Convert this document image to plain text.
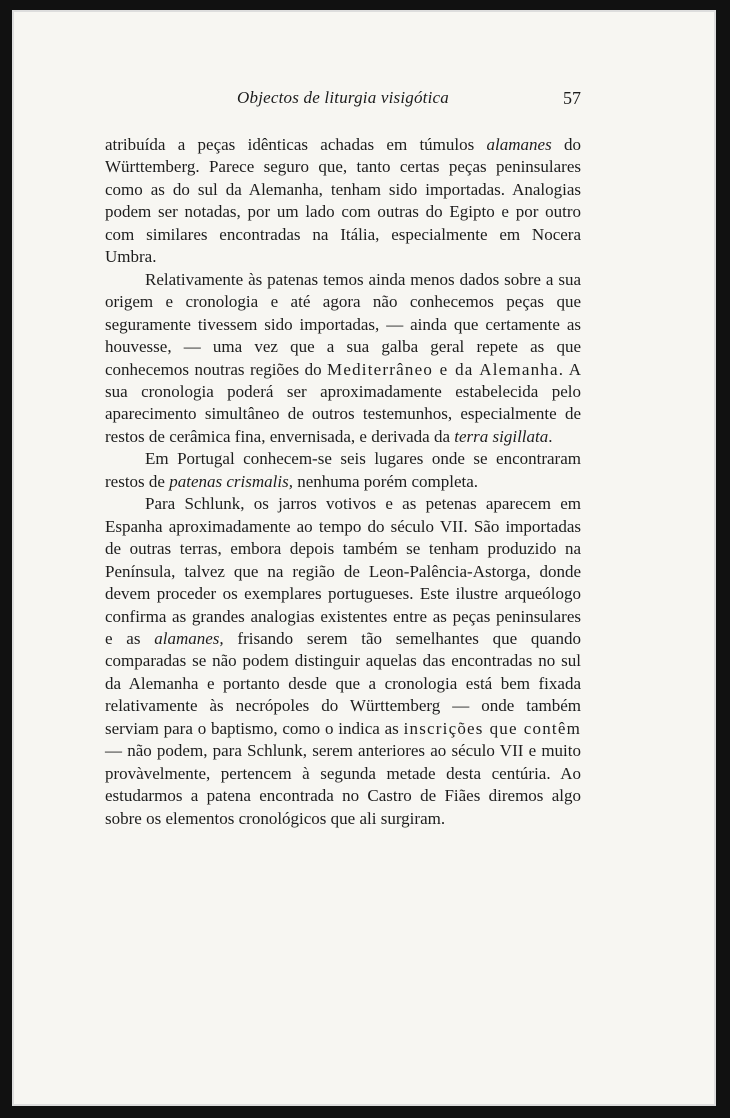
Objectos de liturgia visigótica	57

atribuída a peças idênticas achadas em túmulos alamanes do Württemberg. Parece seguro que, tanto certas peças peninsulares como as do sul da Alemanha, tenham sido importadas. Analogias podem ser notadas, por um lado com outras do Egipto e por outro com similares encontradas na Itália, especialmente em Nocera Umbra.

Relativamente às patenas temos ainda menos dados sobre a sua origem e cronologia e até agora não conhecemos peças que seguramente tivessem sido importadas, — ainda que certamente as houvesse, — uma vez que a sua galba geral repete as que conhecemos noutras regiões do Mediterrâneo e da Alemanha. A sua cronologia poderá ser aproximadamente estabelecida pelo aparecimento simultâneo de outros testemunhos, especialmente de restos de cerâmica fina, envernisada, e derivada da terra sigillata.

Em Portugal conhecem-se seis lugares onde se encontraram restos de patenas crismalis, nenhuma porém completa.

Para Schlunk, os jarros votivos e as petenas aparecem em Espanha aproximadamente ao tempo do século VII. São importadas de outras terras, embora depois também se tenham produzido na Península, talvez que na região de Leon-Palência-Astorga, donde devem proceder os exemplares portugueses. Este ilustre arqueólogo confirma as grandes analogias existentes entre as peças peninsulares e as alamanes, frisando serem tão semelhantes que quando comparadas se não podem distinguir aquelas das encontradas no sul da Alemanha e portanto desde que a cronologia está bem fixada relativamente às necrópoles do Württemberg — onde também serviam para o baptismo, como o indica as inscrições que contêm — não podem, para Schlunk, serem anteriores ao século VII e muito provàvelmente, pertencem à segunda metade desta centúria. Ao estudarmos a patena encontrada no Castro de Fiães diremos algo sobre os elementos cronológicos que ali surgiram.
